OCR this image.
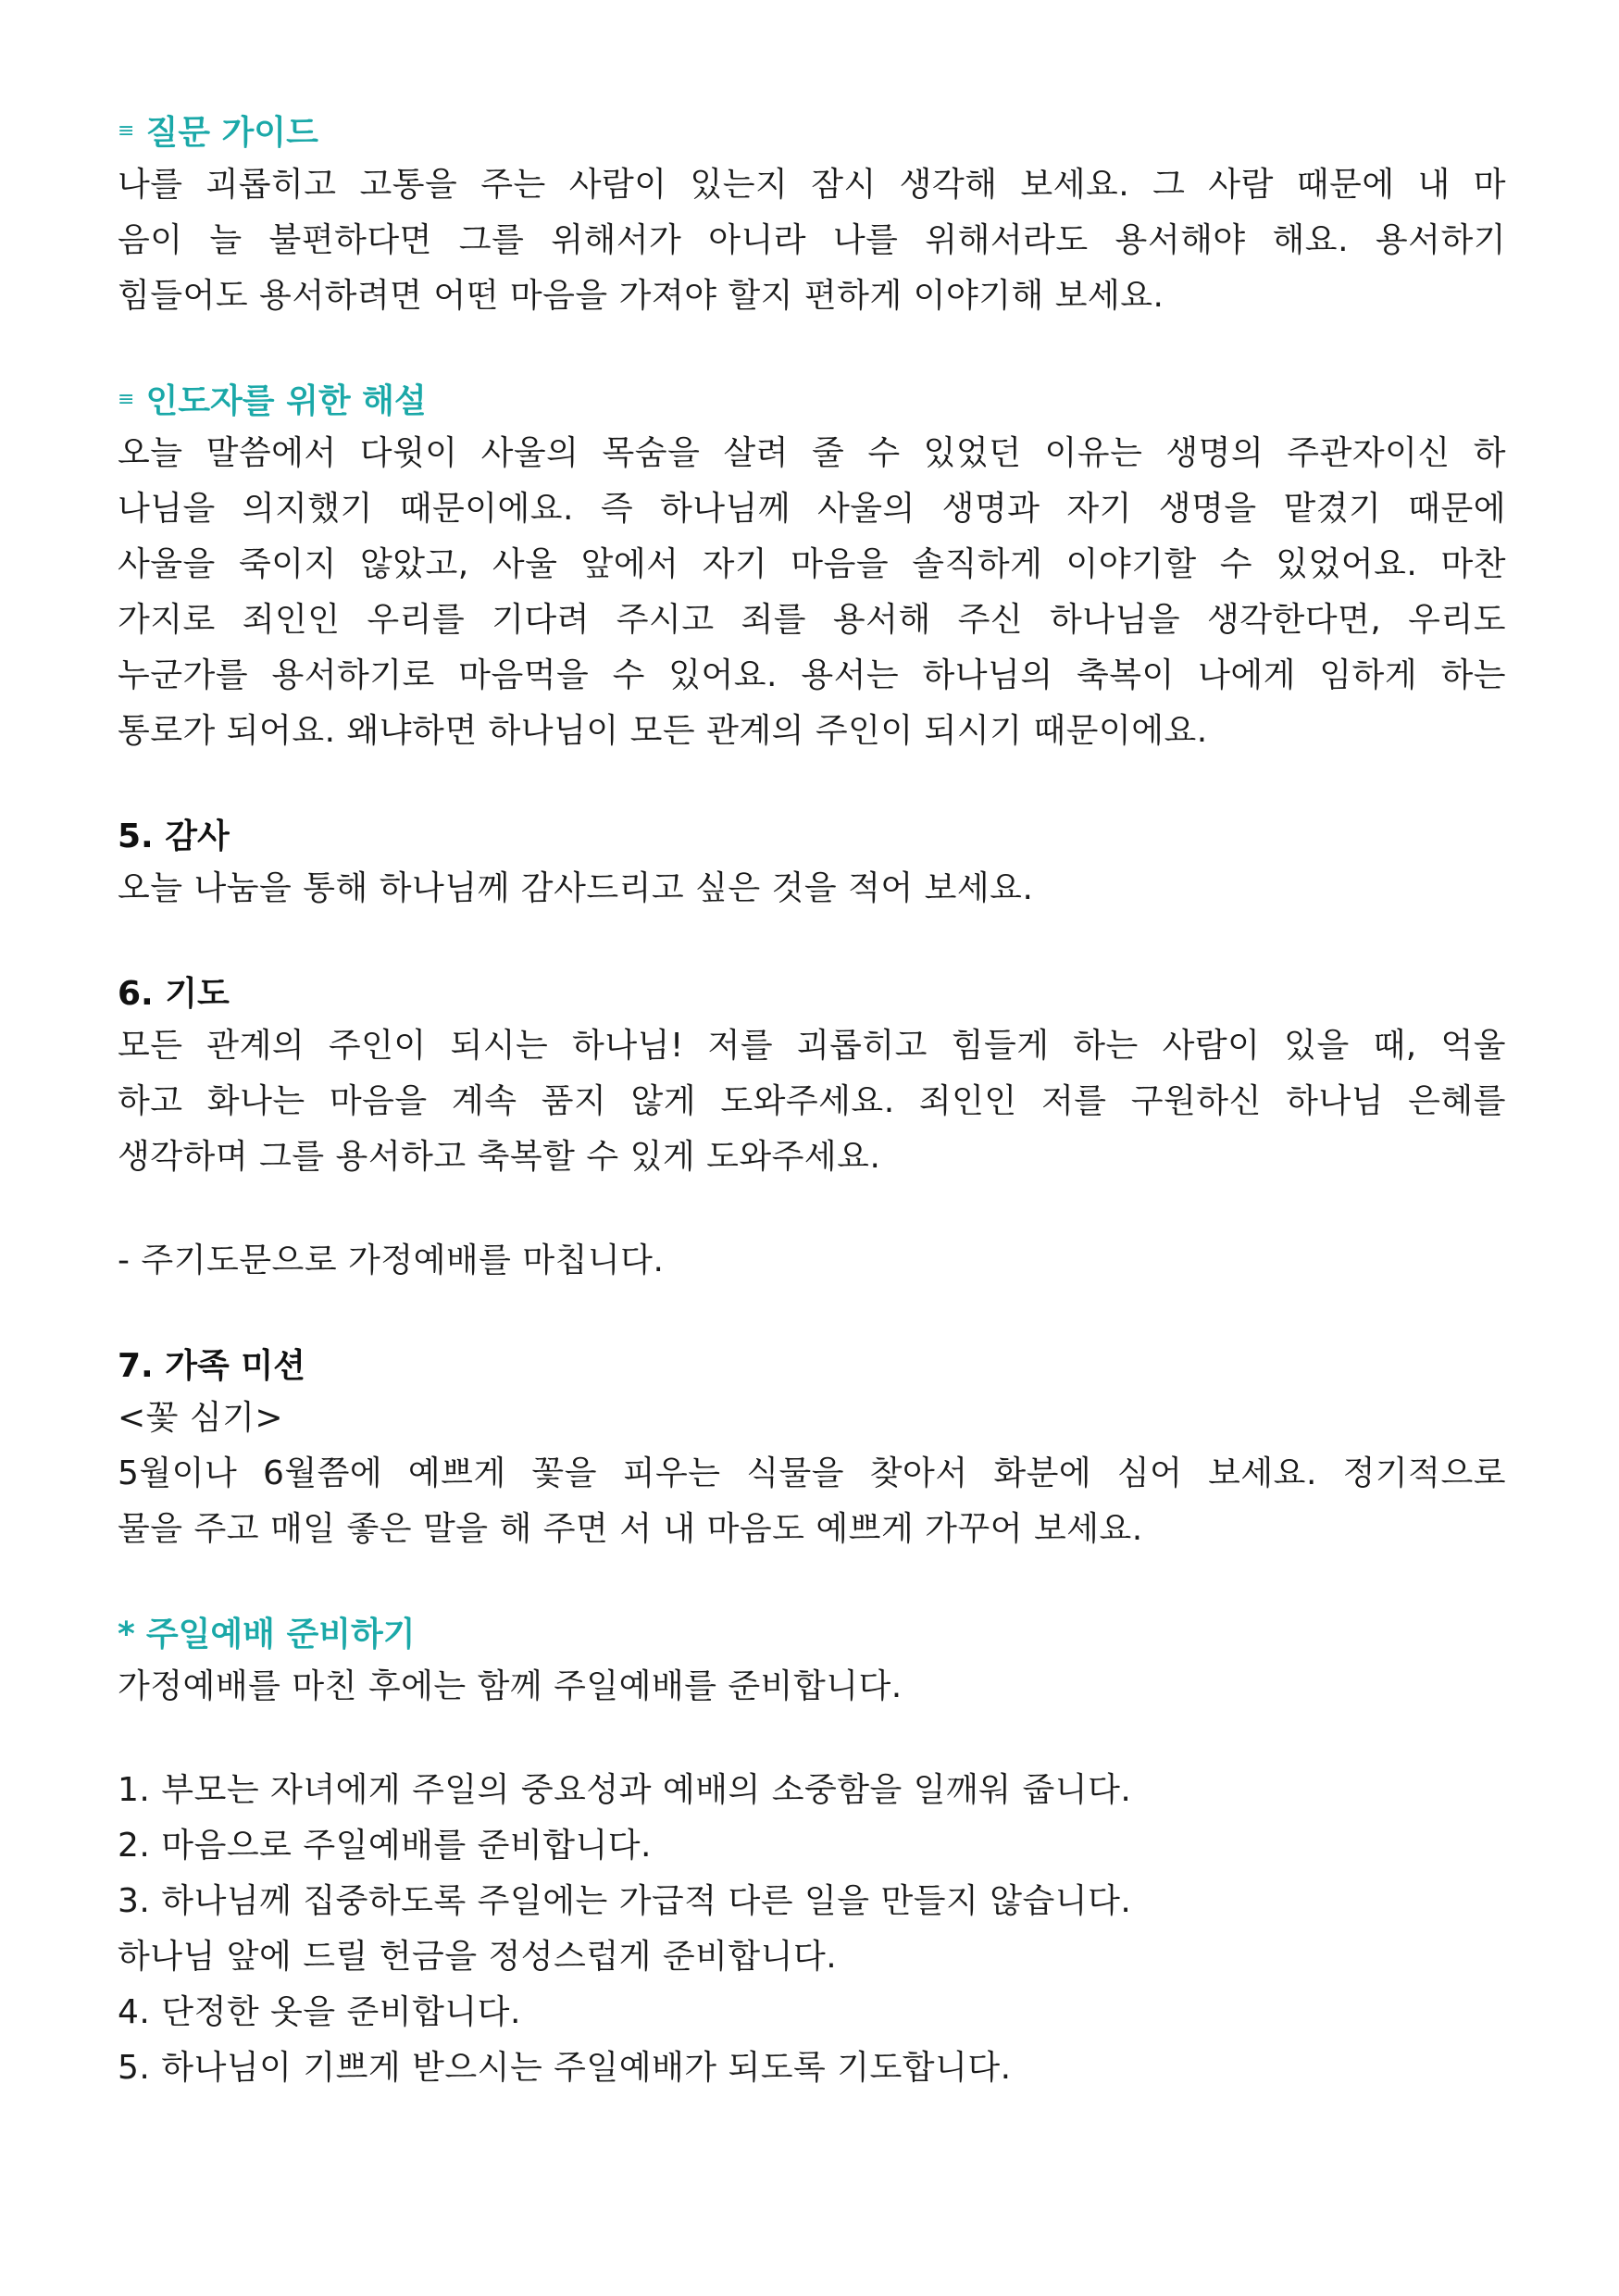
≡ 질문 가이드
나를 괴롭히고 고통을 주는 사람이 있는지 잠시 생각해 보세요. 그 사람 때문에 내 마
음이 늘 불편하다면 그를 위해서가 아니라 나를 위해서라도 용서해야 해요. 용서하기
힘들어도 용서하려면 어떤 마음을 가져야 할지 편하게 이야기해 보세요.
≡ 인도자를 위한 해설
오늘 말씀에서 다윗이 사울의 목숨을 살려 줄 수 있었던 이유는 생명의 주관자이신 하
나님을 의지했기 때문이에요. 즉 하나님께 사울의 생명과 자기 생명을 맡겼기 때문에
사울을 죽이지 않았고, 사울 앞에서 자기 마음을 솔직하게 이야기할 수 있었어요. 마찬
가지로 죄인인 우리를 기다려 주시고 죄를 용서해 주신 하나님을 생각한다면, 우리도
누군가를 용서하기로 마음먹을 수 있어요. 용서는 하나님의 축복이 나에게 임하게 하는
통로가 되어요. 왜냐하면 하나님이 모든 관계의 주인이 되시기 때문이에요.
5. 감사
오늘 나눔을 통해 하나님께 감사드리고 싶은 것을 적어 보세요.
6. 기도
모든 관계의 주인이 되시는 하나님! 저를 괴롭히고 힘들게 하는 사람이 있을 때, 억울
하고 화나는 마음을 계속 품지 않게 도와주세요. 죄인인 저를 구원하신 하나님 은혜를
생각하며 그를 용서하고 축복할 수 있게 도와주세요.
- 주기도문으로 가정예배를 마칩니다.
7. 가족 미션
<꽃 심기>
5월이나 6월쯤에 예쁘게 꽃을 피우는 식물을 찾아서 화분에 심어 보세요. 정기적으로
물을 주고 매일 좋은 말을 해 주면 서 내 마음도 예쁘게 가꾸어 보세요.
* 주일예배 준비하기
가정예배를 마친 후에는 함께 주일예배를 준비합니다.
1. 부모는 자녀에게 주일의 중요성과 예배의 소중함을 일깨워 줍니다.
2. 마음으로 주일예배를 준비합니다.
3. 하나님께 집중하도록 주일에는 가급적 다른 일을 만들지 않습니다.
하나님 앞에 드릴 헌금을 정성스럽게 준비합니다.
4. 단정한 옷을 준비합니다.
5. 하나님이 기쁘게 받으시는 주일예배가 되도록 기도합니다.
